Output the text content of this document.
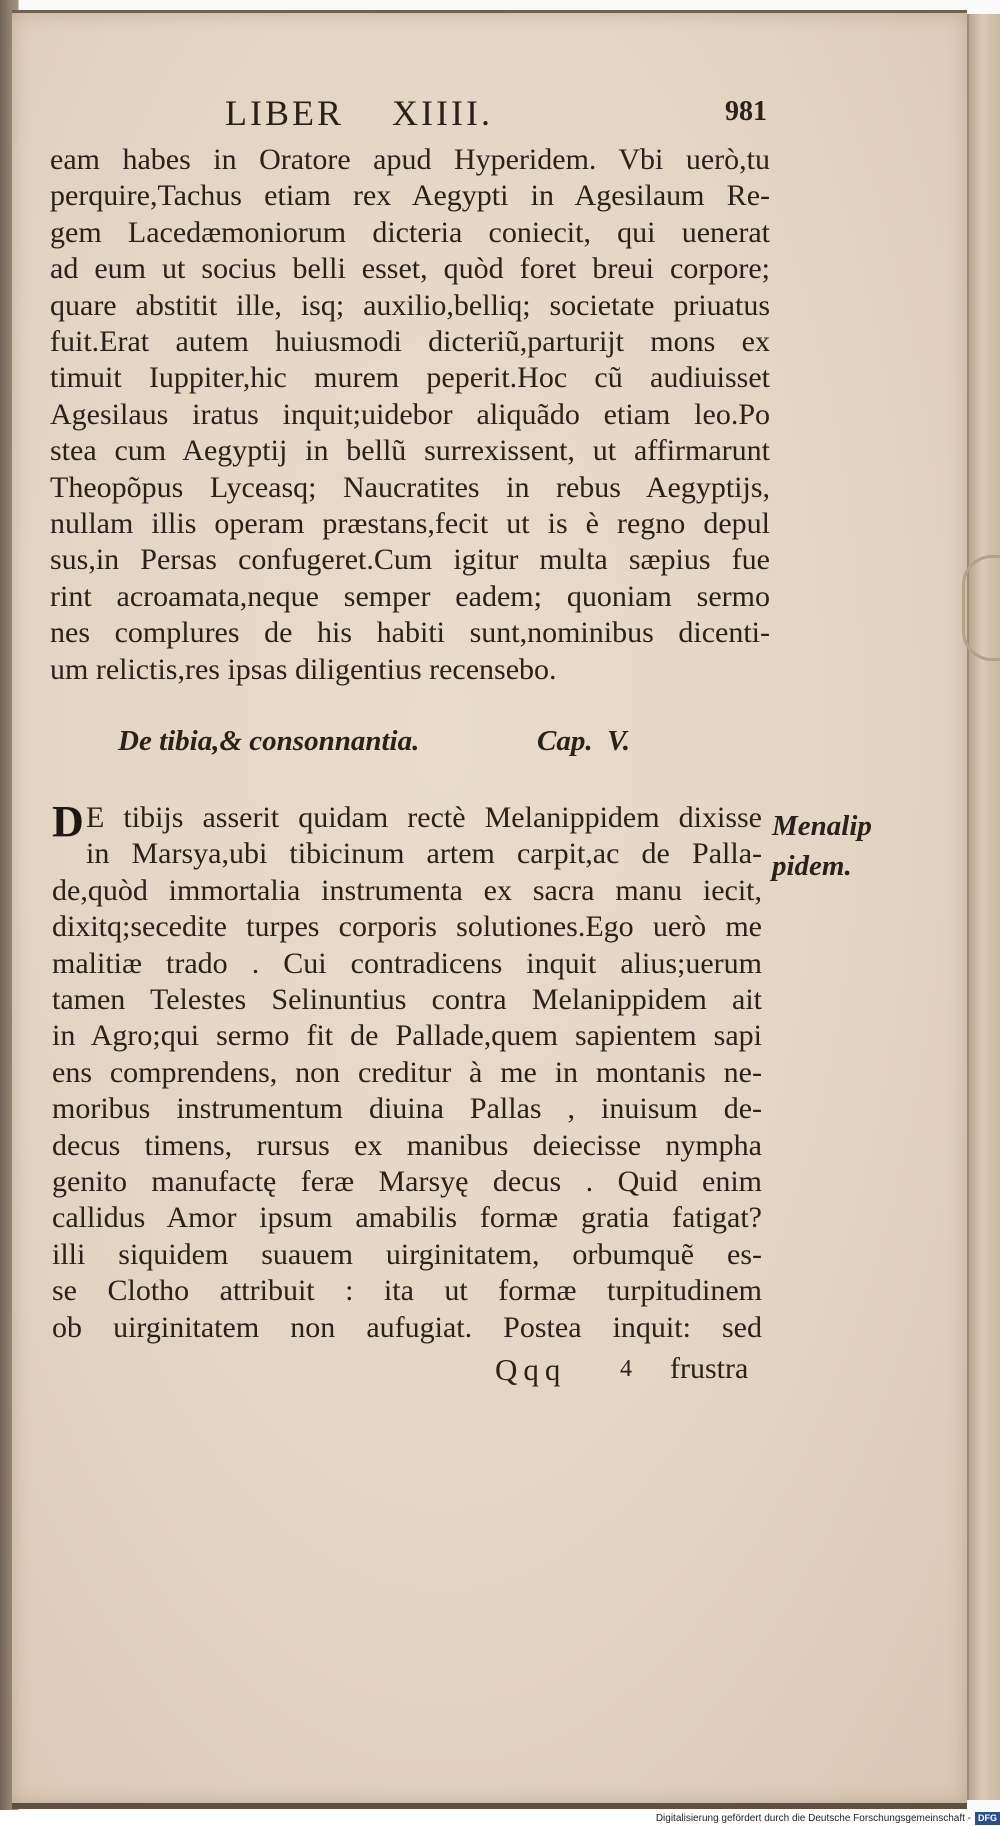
LIBER    XIIII.	981
eam habes in Oratore apud Hyperidem. Vbi uerò,tu
perquire,Tachus etiam rex Aegypti in Agesilaum Re-
gem Lacedæmoniorum dicteria coniecit, qui uenerat
ad eum ut socius belli esset, quòd foret breui corpore;
quare abstitit ille, isq; auxilio,belliq; societate priuatus
fuit.Erat autem huiusmodi dicteriũ,parturijt mons ex
timuit Iuppiter,hic murem peperit.Hoc cũ audiuisset
Agesilaus iratus inquit;uidebor aliquãdo etiam leo.Po
stea cum Aegyptij in bellũ surrexissent, ut affirmarunt
Theopõpus Lyceasq; Naucratites in rebus Aegyptijs,
nullam illis operam præstans,fecit ut is è regno depul
sus,in Persas confugeret.Cum igitur multa sæpius fue
rint acroamata,neque semper eadem; quoniam sermo
nes complures de his habiti sunt,nominibus dicenti-
um relictis,res ipsas diligentius recensebo.
De tibia,& consonnantia.	Cap.  V.
D E tibijs asserit quidam rectè Melanippidem dixisse
in Marsya,ubi tibicinum artem carpit,ac de Palla-
de,quòd immortalia instrumenta ex sacra manu iecit,
dixitq;secedite turpes corporis solutiones.Ego uerò me
malitiæ trado . Cui contradicens inquit alius;uerum
tamen Telestes Selinuntius contra Melanippidem ait
in Agro;qui sermo fit de Pallade,quem sapientem sapi
ens comprendens, non creditur à me in montanis ne-
moribus instrumentum diuina Pallas , inuisum de-
decus timens, rursus ex manibus deiecisse nympha
genito manufactę feræ Marsyę decus . Quid enim
callidus Amor ipsum amabilis formæ gratia fatigat?
illi siquidem suauem uirginitatem, orbumquẽ es-
se Clotho attribuit : ita ut formæ turpitudinem
ob uirginitatem non aufugiat. Postea inquit: sed
Menalip
pidem.
Qqq 4 frustra
Digitalisierung gefördert durch die Deutsche Forschungsgemeinschaft - DFG
